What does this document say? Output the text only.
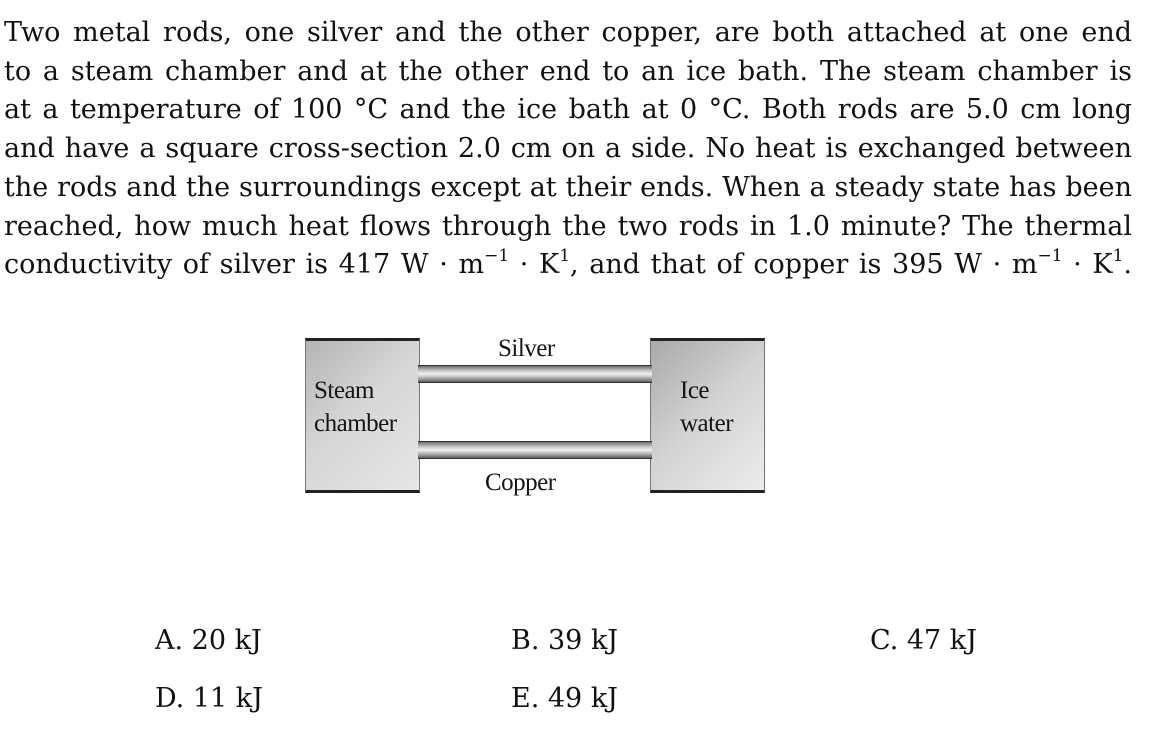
Two metal rods, one silver and the other copper, are both attached at one end
to a steam chamber and at the other end to an ice bath. The steam chamber is
at a temperature of 100 °C and the ice bath at 0 °C. Both rods are 5.0 cm long
and have a square cross-section 2.0 cm on a side. No heat is exchanged between
the rods and the surroundings except at their ends. When a steady state has been
reached, how much heat flows through the two rods in 1.0 minute? The thermal
conductivity of silver is 417 $W \cdot m^{-1} \cdot K^1$, and that of copper is 395 $W \cdot m^{-1} \cdot K^1$.
Silver
Copper
Steam
chamber
Ice
water
A. 20 kJ	B. 39 kJ	C. 47 kJ
D. 11 kJ	E. 49 kJ
